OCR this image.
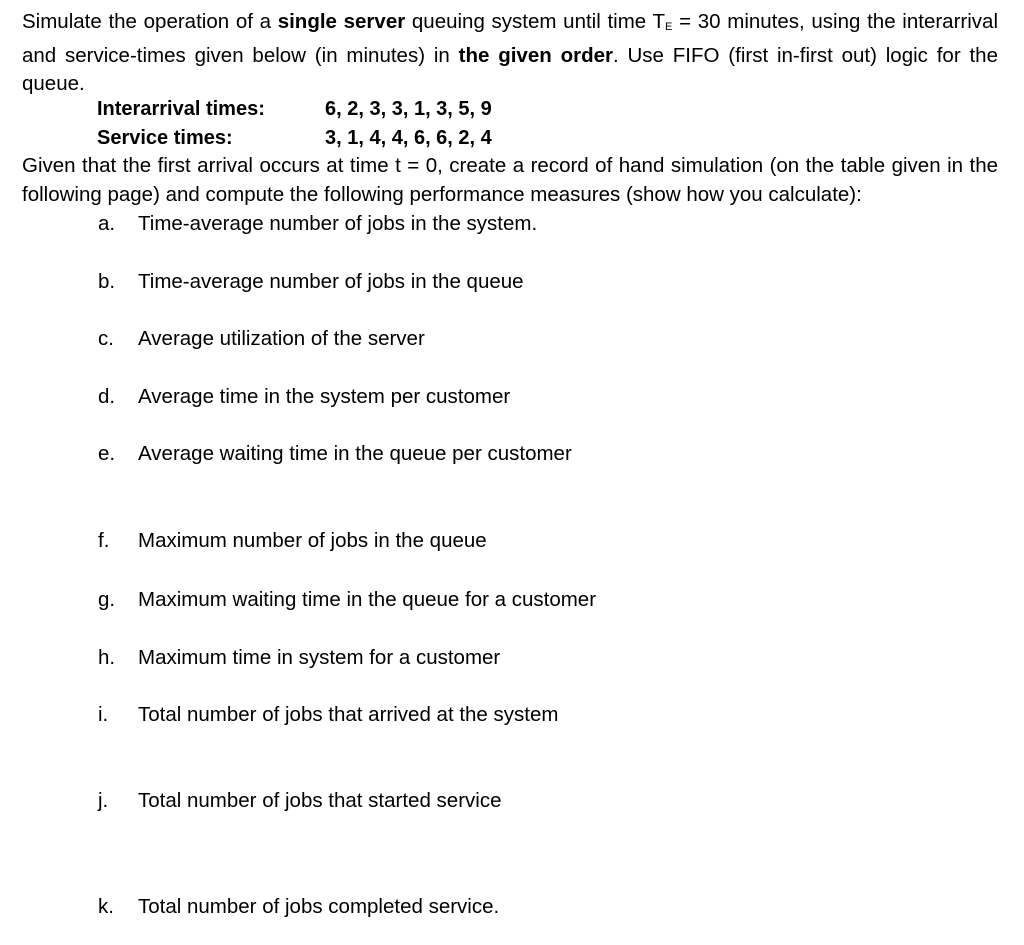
Simulate the operation of a single server queuing system until time TE = 30 minutes, using the interarrival and service-times given below (in minutes) in the given order. Use FIFO (first in-first out) logic for the queue.

Interarrival times:	6, 2, 3, 3, 1, 3, 5, 9
Service times:	3, 1, 4, 4, 6, 6, 2, 4

Given that the first arrival occurs at time t = 0, create a record of hand simulation (on the table given in the following page) and compute the following performance measures (show how you calculate):

a.	Time-average number of jobs in the system.
b.	Time-average number of jobs in the queue
c.	Average utilization of the server
d.	Average time in the system per customer
e.	Average waiting time in the queue per customer
f.	Maximum number of jobs in the queue
g.	Maximum waiting time in the queue for a customer
h.	Maximum time in system for a customer
i.	Total number of jobs that arrived at the system
j.	Total number of jobs that started service
k.	Total number of jobs completed service.
